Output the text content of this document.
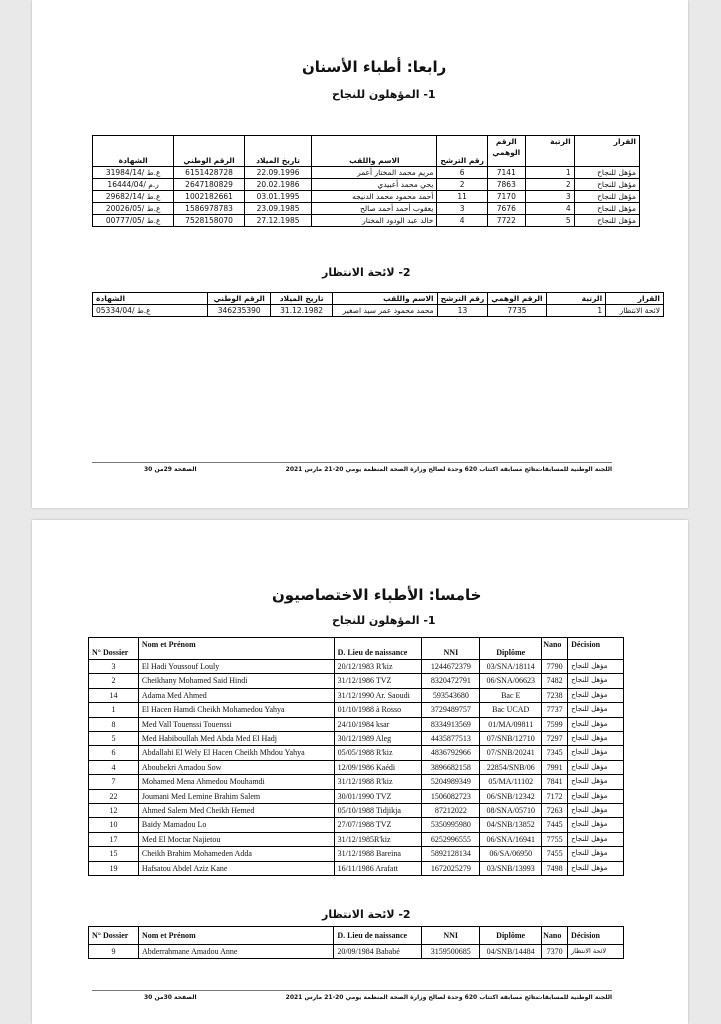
رابعا: أطباء الأسنان
1- المؤهلون للنجاح
القرار	الرتبة	الرقم الوهمي	رقم الترشح	الاسم واللقب	تاريخ الميلاد	الرقم الوطني	الشهادة
مؤهل للنجاح	1	7141	6	مريم محمد المختار أعمر	22.09.1996	6151428728	ع.ط /31984/14
مؤهل للنجاح	2	7863	2	يحي محمد أعبيدي	20.02.1986	2647180829	ر.م /16444/04
مؤهل للنجاح	3	7170	11	أحمد محمود محمد الدنيجه	03.01.1995	1002182661	ع.ط /29682/14
مؤهل للنجاح	4	7676	3	يعقوب أحمد أحمد صالح	23.09.1985	1586978783	ع.ط /20026/05
مؤهل للنجاح	5	7722	4	خالد عبد الودود المختار	27.12.1985	7528158070	ع.ط /00777/05
2- لائحة الانتظار
القرار	الرتبة	الرقم الوهمي	رقم الترشح	الاسم واللقب	تاريخ الميلاد	الرقم الوطني	الشهادة
لائحة الانتظار	1	7735	13	محمد محمود عمر سيد اصغير	31.12.1982	346235390	ع.ط /05334/04
اللجنة الوطنية للمسابقات -
نتائج مسابقة اكتتاب 620 وحدة لصالح وزارة الصحة المنظمة يومي 20-21 مارس 2021
الصفحة 29من 30
خامسا: الأطباء الاختصاصيون
1- المؤهلون للنجاح
N° Dossier	Nom et Prénom	D. Lieu de naissance	NNI	Diplôme	Nano	Décision
3	El Hadi Youssouf Louly	20/12/1983 R'kiz	1244672379	03/SNA/18114	7790	مؤهل للنجاح
2	Cheikhany Mohamed Said Hindi	31/12/1986 TVZ	8320472791	06/SNA/06623	7482	مؤهل للنجاح
14	Adama Med Ahmed	31/12/1990 Ar. Saoudi	593543680	Bac E	7238	مؤهل للنجاح
1	El Hacen Hamdi Cheikh Mohamedou Yahya	01/10/1988 à Rosso	3729489757	Bac UCAD	7737	مؤهل للنجاح
8	Med Vall Touenssi Touenssi	24/10/1984 ksar	8334913569	01/MA/09811	7599	مؤهل للنجاح
5	Med Habiboullah Med Abda Med El Hadj	30/12/1989 Aleg	4435877513	07/SNB/12710	7297	مؤهل للنجاح
6	Abdallahi El Wely El Hacen Cheikh Mhdou Yahya	05/05/1988 R'kiz	4836792966	07/SNB/20241	7345	مؤهل للنجاح
4	Aboubekri Amadou Sow	12/09/1986 Kaédi	3896682158	22854/SNB/06	7991	مؤهل للنجاح
7	Mohamed Mena Ahmedou Mouhamdi	31/12/1988 R'kiz	5204989349	05/MA/11102	7841	مؤهل للنجاح
22	Joumani Med Lemine Brahim Salem	30/01/1990 TVZ	1506082723	06/SNB/12342	7172	مؤهل للنجاح
12	Ahmed Salem Med Cheikh Hemed	05/10/1988 Tidjikja	87212022	08/SNA/05710	7263	مؤهل للنجاح
10	Baidy Mamadou Lo	27/07/1988 TVZ	5350995980	04/SNB/13852	7445	مؤهل للنجاح
17	Med El Moctar Najietou	31/12/1985R'kiz	6252996555	06/SNA/16941	7755	مؤهل للنجاح
15	Cheikh Brahim Mohameden Adda	31/12/1988 Bareina	5892128134	06/SA/06950	7455	مؤهل للنجاح
19	Hafsatou Abdel Aziz Kane	16/11/1986 Arafatt	1672025279	03/SNB/13993	7498	مؤهل للنجاح
2- لائحة الانتظار
N° Dossier	Nom et Prénom	D. Lieu de naissance	NNI	Diplôme	Nano	Décision
9	Abderrahmane Amadou Anne	20/09/1984 Bababé	3159500685	04/SNB/14484	7370	لائحة الانتظار
اللجنة الوطنية للمسابقات -
نتائج مسابقة اكتتاب 620 وحدة لصالح وزارة الصحة المنظمة يومي 20-21 مارس 2021
الصفحة 30من 30
